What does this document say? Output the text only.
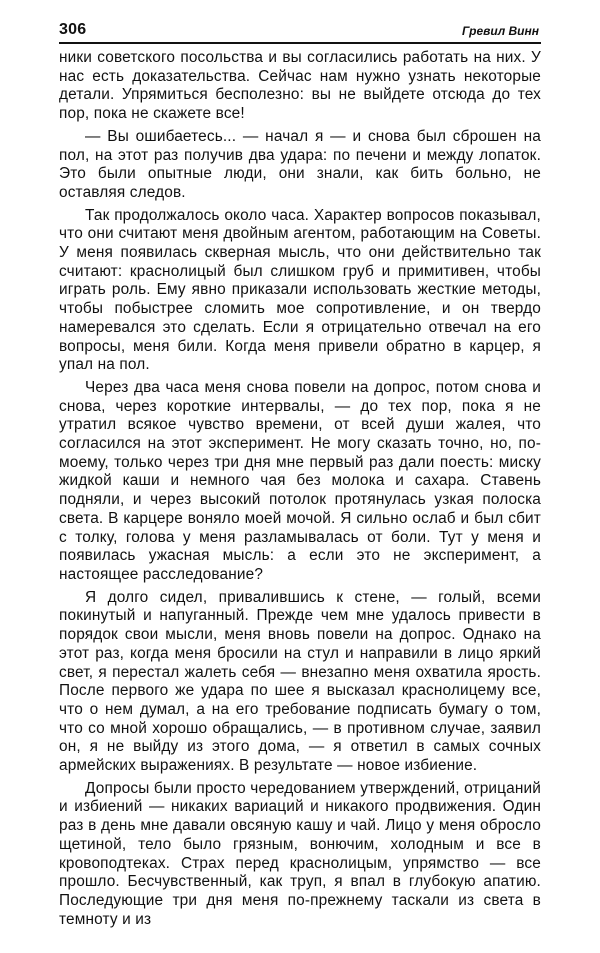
306	Гревил Винн

ники советского посольства и вы согласились работать на них. У нас есть доказательства. Сейчас нам нужно узнать некоторые детали. Упрямиться бесполезно: вы не выйдете отсюда до тех пор, пока не скажете все!

— Вы ошибаетесь... — начал я — и снова был сброшен на пол, на этот раз получив два удара: по печени и между лопаток. Это были опытные люди, они знали, как бить больно, не оставляя следов.

Так продолжалось около часа. Характер вопросов показывал, что они считают меня двойным агентом, работающим на Советы. У меня появилась скверная мысль, что они действительно так считают: краснолицый был слишком груб и примитивен, чтобы играть роль. Ему явно приказали использовать жесткие методы, чтобы побыстрее сломить мое сопротивление, и он твердо намеревался это сделать. Если я отрицательно отвечал на его вопросы, меня били. Когда меня привели обратно в карцер, я упал на пол.

Через два часа меня снова повели на допрос, потом снова и снова, через короткие интервалы, — до тех пор, пока я не утратил всякое чувство времени, от всей души жалея, что согласился на этот эксперимент. Не могу сказать точно, но, по-моему, только через три дня мне первый раз дали поесть: миску жидкой каши и немного чая без молока и сахара. Ставень подняли, и через высокий потолок протянулась узкая полоска света. В карцере воняло моей мочой. Я сильно ослаб и был сбит с толку, голова у меня разламывалась от боли. Тут у меня и появилась ужасная мысль: а если это не эксперимент, а настоящее расследование?

Я долго сидел, привалившись к стене, — голый, всеми покинутый и напуганный. Прежде чем мне удалось привести в порядок свои мысли, меня вновь повели на допрос. Однако на этот раз, когда меня бросили на стул и направили в лицо яркий свет, я перестал жалеть себя — внезапно меня охватила ярость. После первого же удара по шее я высказал краснолицему все, что о нем думал, а на его требование подписать бумагу о том, что со мной хорошо обращались, — в противном случае, заявил он, я не выйду из этого дома, — я ответил в самых сочных армейских выражениях. В результате — новое избиение.

Допросы были просто чередованием утверждений, отрицаний и избиений — никаких вариаций и никакого продвижения. Один раз в день мне давали овсяную кашу и чай. Лицо у меня обросло щетиной, тело было грязным, вонючим, холодным и все в кровоподтеках. Страх перед краснолицым, упрямство — все прошло. Бесчувственный, как труп, я впал в глубокую апатию. Последующие три дня меня по-прежнему таскали из света в темноту и из
